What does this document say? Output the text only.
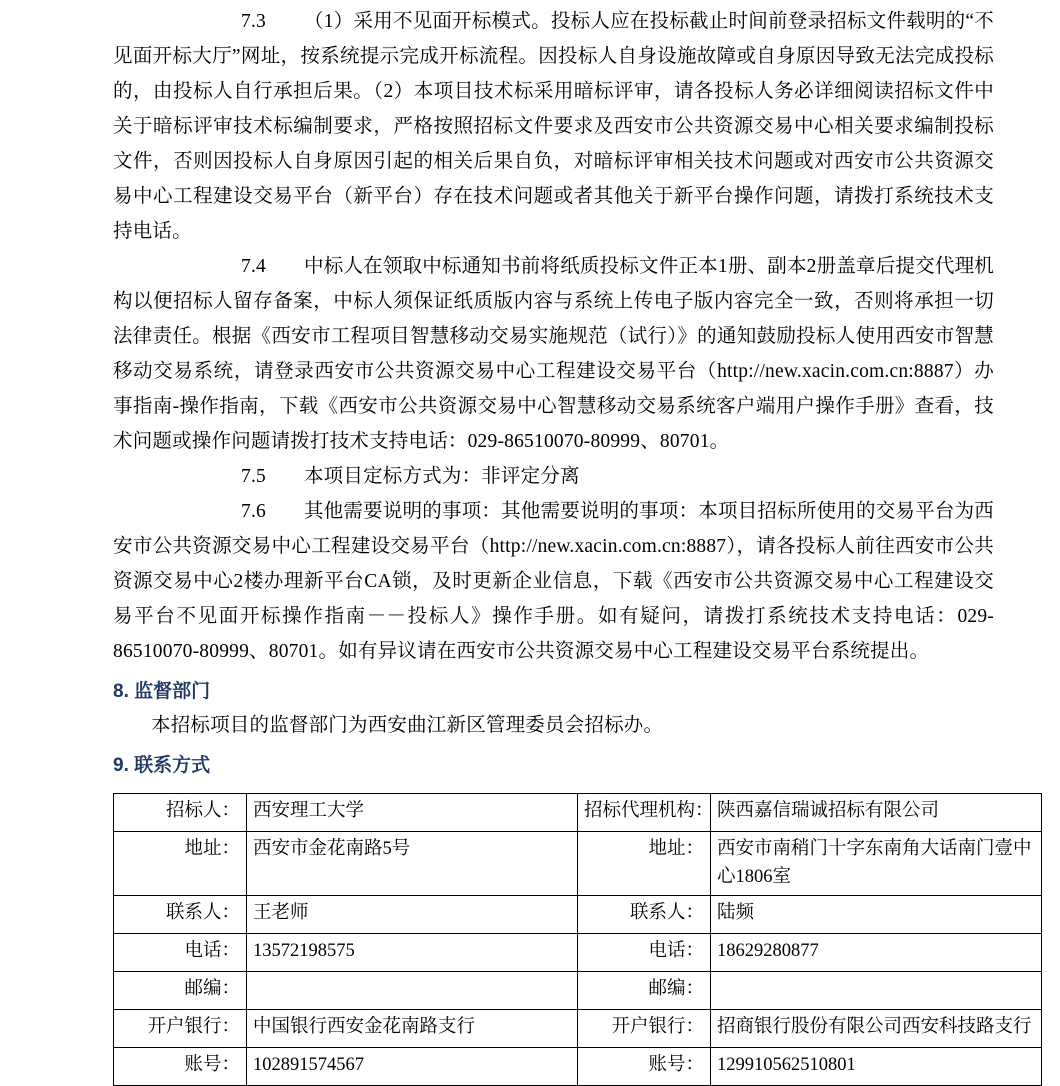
7.3 （1）采用不见面开标模式。投标人应在投标截止时间前登录招标文件载明的“不见面开标大厅”网址，按系统提示完成开标流程。因投标人自身设施故障或自身原因导致无法完成投标的，由投标人自行承担后果。（2）本项目技术标采用暗标评审，请各投标人务必详细阅读招标文件中关于暗标评审技术标编制要求，严格按照招标文件要求及西安市公共资源交易中心相关要求编制投标文件，否则因投标人自身原因引起的相关后果自负，对暗标评审相关技术问题或对西安市公共资源交易中心工程建设交易平台（新平台）存在技术问题或者其他关于新平台操作问题，请拨打系统技术支持电话。

7.4 中标人在领取中标通知书前将纸质投标文件正本1册、副本2册盖章后提交代理机构以便招标人留存备案，中标人须保证纸质版内容与系统上传电子版内容完全一致，否则将承担一切法律责任。根据《西安市工程项目智慧移动交易实施规范（试行）》的通知鼓励投标人使用西安市智慧移动交易系统，请登录西安市公共资源交易中心工程建设交易平台（http://new.xacin.com.cn:8887）办事指南-操作指南，下载《西安市公共资源交易中心智慧移动交易系统客户端用户操作手册》查看，技术问题或操作问题请拨打技术支持电话：029-86510070-80999、80701。

7.5 本项目定标方式为：非评定分离

7.6 其他需要说明的事项：其他需要说明的事项：本项目招标所使用的交易平台为西安市公共资源交易中心工程建设交易平台（http://new.xacin.com.cn:8887），请各投标人前往西安市公共资源交易中心2楼办理新平台CA锁，及时更新企业信息，下载《西安市公共资源交易中心工程建设交易平台不见面开标操作指南－－投标人》操作手册。如有疑问，请拨打系统技术支持电话：029-86510070-80999、80701。如有异议请在西安市公共资源交易中心工程建设交易平台系统提出。

8. 监督部门

本招标项目的监督部门为西安曲江新区管理委员会招标办。

9. 联系方式
招标人：	西安理工大学	招标代理机构：	陕西嘉信瑞诚招标有限公司
地址：	西安市金花南路5号	地址：	西安市南稍门十字东南角大话南门壹中心1806室
联系人：	王老师	联系人：	陆频
电话：	13572198575	电话：	18629280877
邮编：		邮编：	
开户银行：	中国银行西安金花南路支行	开户银行：	招商银行股份有限公司西安科技路支行
账号：	102891574567	账号：	129910562510801
